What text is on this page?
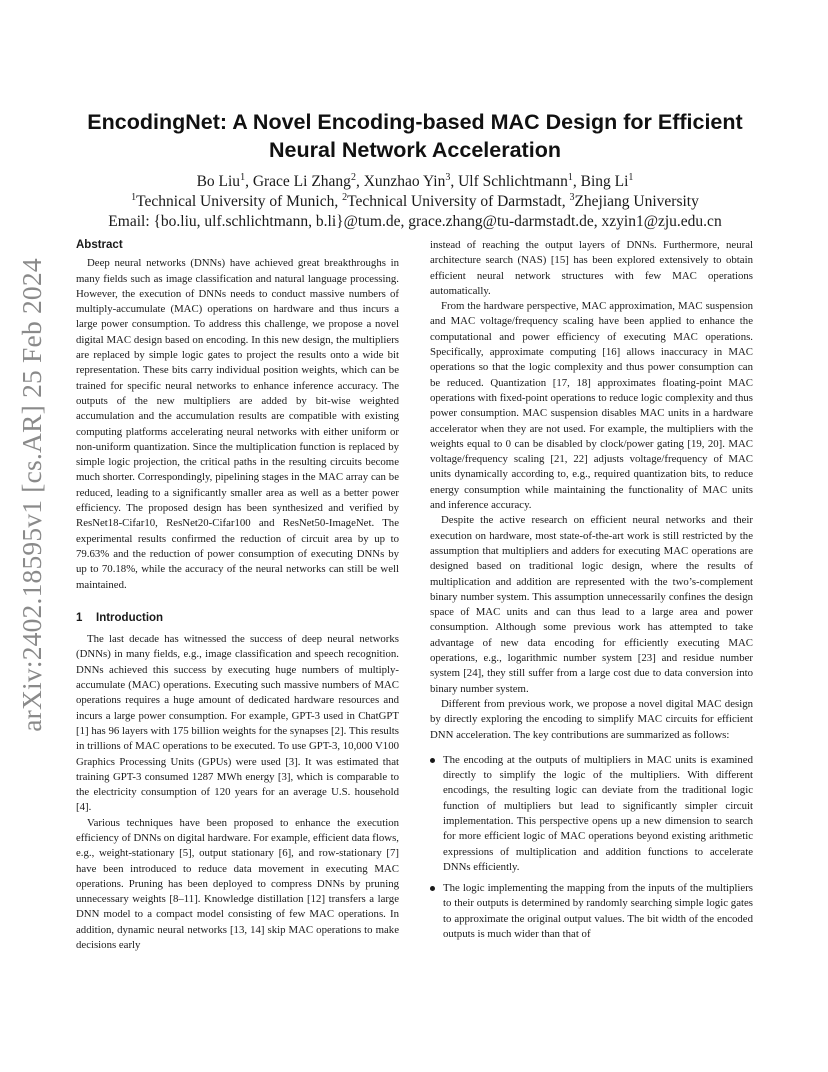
arXiv:2402.18595v1 [cs.AR] 25 Feb 2024
EncodingNet: A Novel Encoding-based MAC Design for Efficient
Neural Network Acceleration
Bo Liu$^1$, Grace Li Zhang$^2$, Xunzhao Yin$^3$, Ulf Schlichtmann$^1$, Bing Li$^1$
$^1$Technical University of Munich, $^2$Technical University of Darmstadt, $^3$Zhejiang University
Email: {bo.liu, ulf.schlichtmann, b.li}@tum.de, grace.zhang@tu-darmstadt.de, xzyin1@zju.edu.cn
Abstract

Deep neural networks (DNNs) have achieved great breakthroughs in many fields such as image classification and natural language processing. However, the execution of DNNs needs to conduct massive numbers of multiply-accumulate (MAC) operations on hardware and thus incurs a large power consumption. To address this challenge, we propose a novel digital MAC design based on encoding. In this new design, the multipliers are replaced by simple logic gates to project the results onto a wide bit representation. These bits carry individual position weights, which can be trained for specific neural networks to enhance inference accuracy. The outputs of the new multipliers are added by bit-wise weighted accumulation and the accumulation results are compatible with existing computing platforms accelerating neural networks with either uniform or non-uniform quantization. Since the multiplication function is replaced by simple logic projection, the critical paths in the resulting circuits become much shorter. Correspondingly, pipelining stages in the MAC array can be reduced, leading to a significantly smaller area as well as a better power efficiency. The proposed design has been synthesized and verified by ResNet18-Cifar10, ResNet20-Cifar100 and ResNet50-ImageNet. The experimental results confirmed the reduction of circuit area by up to 79.63% and the reduction of power consumption of executing DNNs by up to 70.18%, while the accuracy of the neural networks can still be well maintained.

1 Introduction

The last decade has witnessed the success of deep neural networks (DNNs) in many fields, e.g., image classification and speech recognition. DNNs achieved this success by executing huge numbers of multiply-accumulate (MAC) operations. Executing such massive numbers of MAC operations requires a huge amount of dedicated hardware resources and incurs a large power consumption. For example, GPT-3 used in ChatGPT [1] has 96 layers with 175 billion weights for the synapses [2]. This results in trillions of MAC operations to be executed. To use GPT-3, 10,000 V100 Graphics Processing Units (GPUs) were used [3]. It was estimated that training GPT-3 consumed 1287 MWh energy [3], which is comparable to the electricity consumption of 120 years for an average U.S. household [4].

Various techniques have been proposed to enhance the execution efficiency of DNNs on digital hardware. For example, efficient data flows, e.g., weight-stationary [5], output stationary [6], and row-stationary [7] have been introduced to reduce data movement in executing MAC operations. Pruning has been deployed to compress DNNs by pruning unnecessary weights [8–11]. Knowledge distillation [12] transfers a large DNN model to a compact model consisting of few MAC operations. In addition, dynamic neural networks [13, 14] skip MAC operations to make decisions early

instead of reaching the output layers of DNNs. Furthermore, neural architecture search (NAS) [15] has been explored extensively to obtain efficient neural network structures with few MAC operations automatically.

From the hardware perspective, MAC approximation, MAC suspension and MAC voltage/frequency scaling have been applied to enhance the computational and power efficiency of executing MAC operations. Specifically, approximate computing [16] allows inaccuracy in MAC operations so that the logic complexity and thus power consumption can be reduced. Quantization [17, 18] approximates floating-point MAC operations with fixed-point operations to reduce logic complexity and thus power consumption. MAC suspension disables MAC units in a hardware accelerator when they are not used. For example, the multipliers with the weights equal to 0 can be disabled by clock/power gating [19, 20]. MAC voltage/frequency scaling [21, 22] adjusts voltage/frequency of MAC units dynamically according to, e.g., required quantization bits, to reduce energy consumption while maintaining the functionality of MAC units and inference accuracy.

Despite the active research on efficient neural networks and their execution on hardware, most state-of-the-art work is still restricted by the assumption that multipliers and adders for executing MAC operations are designed based on traditional logic design, where the results of multiplication and addition are represented with the two’s-complement binary number system. This assumption unnecessarily confines the design space of MAC units and can thus lead to a large area and power consumption. Although some previous work has attempted to take advantage of new data encoding for efficiently executing MAC operations, e.g., logarithmic number system [23] and residue number system [24], they still suffer from a large cost due to data conversion into binary number system.

Different from previous work, we propose a novel digital MAC design by directly exploring the encoding to simplify MAC circuits for efficient DNN acceleration. The key contributions are summarized as follows:

The encoding at the outputs of multipliers in MAC units is examined directly to simplify the logic of the multipliers. With different encodings, the resulting logic can deviate from the traditional logic function of multipliers but lead to significantly simpler circuit implementation. This perspective opens up a new dimension to search for more efficient logic of MAC operations beyond existing arithmetic expressions of multiplication and addition functions to accelerate DNNs efficiently.
The logic implementing the mapping from the inputs of the multipliers to their outputs is determined by randomly searching simple logic gates to approximate the original output values. The bit width of the encoded outputs is much wider than that of
